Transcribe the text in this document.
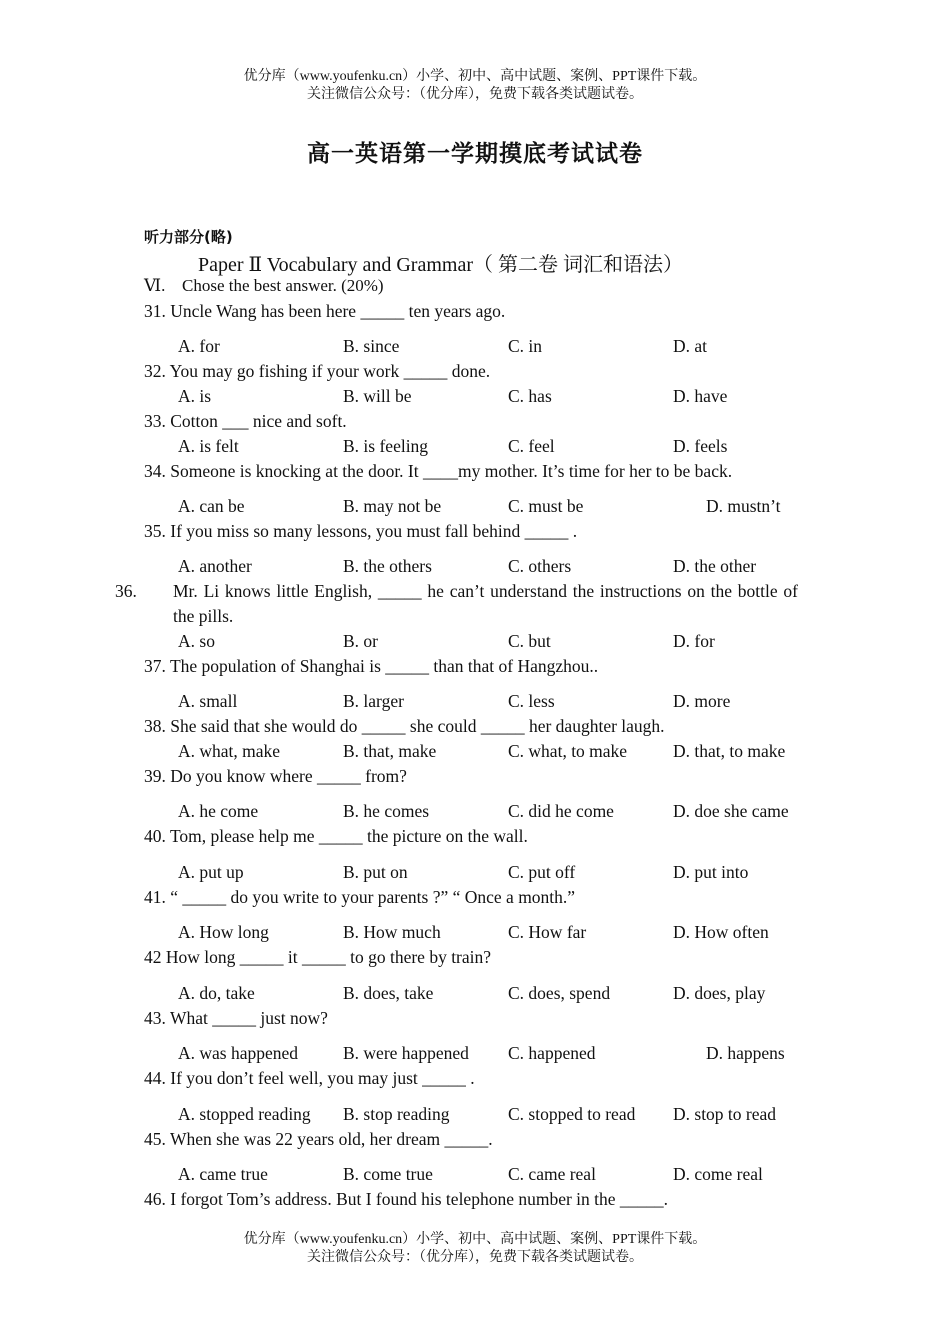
优分库（www.youfenku.cn）小学、初中、高中试题、案例、PPT课件下载。
关注微信公众号：（优分库），免费下载各类试题试卷。
高一英语第一学期摸底考试试卷
听力部分(略)
Paper Ⅱ Vocabulary and Grammar（ 第二卷 词汇和语法）
Ⅵ. Chose the best answer. (20%)
31. Uncle Wang has been here _____ ten years ago.
A. for	B. since	C. in	D. at
32. You may go fishing if your work _____ done.
A. is	B. will be	C. has	D. have
33. Cotton ___ nice and soft.
A. is felt	B. is feeling	C. feel	D. feels
34. Someone is knocking at the door. It ____my mother. It’s time for her to be back.
A. can be	B. may not be	C. must be	D. mustn’t
35. If you miss so many lessons, you must fall behind _____ .
A. another	B. the others	C. others	D. the other
36. Mr. Li knows little English, _____ he can’t understand the instructions on the bottle of the pills.
A. so	B. or	C. but	D. for
37. The population of Shanghai is _____ than that of Hangzhou..
A. small	B. larger	C. less	D. more
38. She said that she would do _____ she could _____ her daughter laugh.
A. what, make	B. that, make	C. what, to make	D. that, to make
39. Do you know where _____ from?
A. he come	B. he comes	C. did he come	D. doe she came
40. Tom, please help me _____ the picture on the wall.
A. put up	B. put on	C. put off	D. put into
41. “ _____ do you write to your parents ?” “ Once a month.”
A. How long	B. How much	C. How far	D. How often
42 How long _____ it _____ to go there by train?
A. do, take	B. does, take	C. does, spend	D. does, play
43. What _____ just now?
A. was happened	B. were happened C. happened	D. happens
44. If you don’t feel well, you may just _____ .
A. stopped reading B. stop reading	C. stopped to read D. stop to read
45. When she was 22 years old, her dream _____.
A. came true	B. come true	C. came real	D. come real
46. I forgot Tom’s address. But I found his telephone number in the _____.
优分库（www.youfenku.cn）小学、初中、高中试题、案例、PPT课件下载。
关注微信公众号：（优分库），免费下载各类试题试卷。
